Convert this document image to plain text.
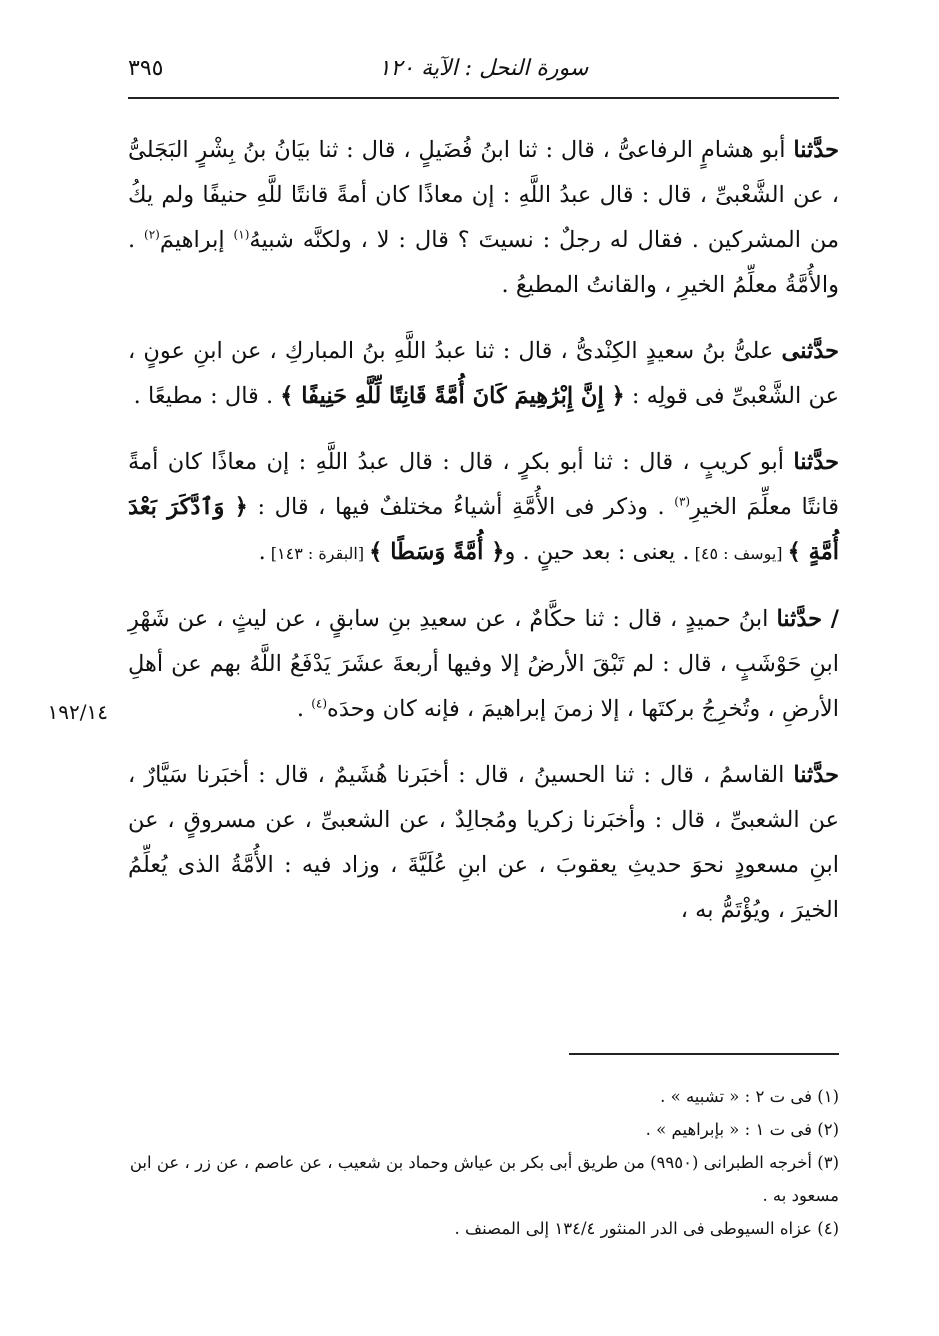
٣٩٥	سورة النحل : الآية ١٢٠
١٩٢/١٤

حدَّثنا أبو هشامٍ الرفاعىُّ ، قال : ثنا ابنُ فُضَيلٍ ، قال : ثنا بيَانُ بنُ بِشْرٍ البَجَلىُّ ، عن الشَّعْبىِّ ، قال : قال عبدُ اللَّهِ : إن معاذًا كان أمةً قانتًا للَّهِ حنيفًا ولم يكُ من المشركين . فقال له رجلٌ : نسيتَ ؟ قال : لا ، ولكنَّه شبيهُ$^{(١)}$ إبراهيمَ$^{(٢)}$ . والأُمَّةُ معلِّمُ الخيرِ ، والقانتُ المطيعُ .

حدَّثنى علىُّ بنُ سعيدٍ الكِنْدىُّ ، قال : ثنا عبدُ اللَّهِ بنُ المباركِ ، عن ابنِ عونٍ ، عن الشَّعْبىِّ فى قولِه : ﴿ إِنَّ إِبْرَٰهِيمَ كَانَ أُمَّةً قَانِتًا لِّلَّهِ حَنِيفًا ﴾ . قال : مطيعًا .

حدَّثنا أبو كريبٍ ، قال : ثنا أبو بكرٍ ، قال : قال عبدُ اللَّهِ : إن معاذًا كان أمةً قانتًا معلِّمَ الخيرِ$^{(٣)}$ . وذكر فى الأُمَّةِ أشياءُ مختلفٌ فيها ، قال : ﴿ وَٱدَّكَرَ بَعْدَ أُمَّةٍ ﴾ [يوسف : ٤٥] . يعنى : بعد حينٍ . و﴿ أُمَّةً وَسَطًا ﴾ [البقرة : ١٤٣] .

/ حدَّثنا ابنُ حميدٍ ، قال : ثنا حكَّامٌ ، عن سعيدِ بنِ سابقٍ ، عن ليثٍ ، عن شَهْرِ ابنِ حَوْشَبٍ ، قال : لم تَبْقَ الأرضُ إلا وفيها أربعةَ عشَرَ يَدْفَعُ اللَّهُ بهم عن أهلِ الأرضِ ، وتُخرِجُ بركتَها ، إلا زمنَ إبراهيمَ ، فإنه كان وحدَه$^{(٤)}$ .

حدَّثنا القاسمُ ، قال : ثنا الحسينُ ، قال : أخبَرنا هُشَيمٌ ، قال : أخبَرنا سَيَّارٌ ، عن الشعبىِّ ، قال : وأخبَرنا زكريا ومُجالِدٌ ، عن الشعبىِّ ، عن مسروقٍ ، عن ابنِ مسعودٍ نحوَ حديثِ يعقوبَ ، عن ابنِ عُلَيَّةَ ، وزاد فيه : الأُمَّةُ الذى يُعلِّمُ الخيرَ ، ويُؤْتَمُّ به ،

(١) فى ت ٢ : « تشبيه » .

(٢) فى ت ١ : « بإبراهيم » .

(٣) أخرجه الطبرانى (٩٩٥٠) من طريق أبى بكر بن عياش وحماد بن شعيب ، عن عاصم ، عن زر ، عن ابن مسعود به .

(٤) عزاه السيوطى فى الدر المنثور ١٣٤/٤ إلى المصنف .
